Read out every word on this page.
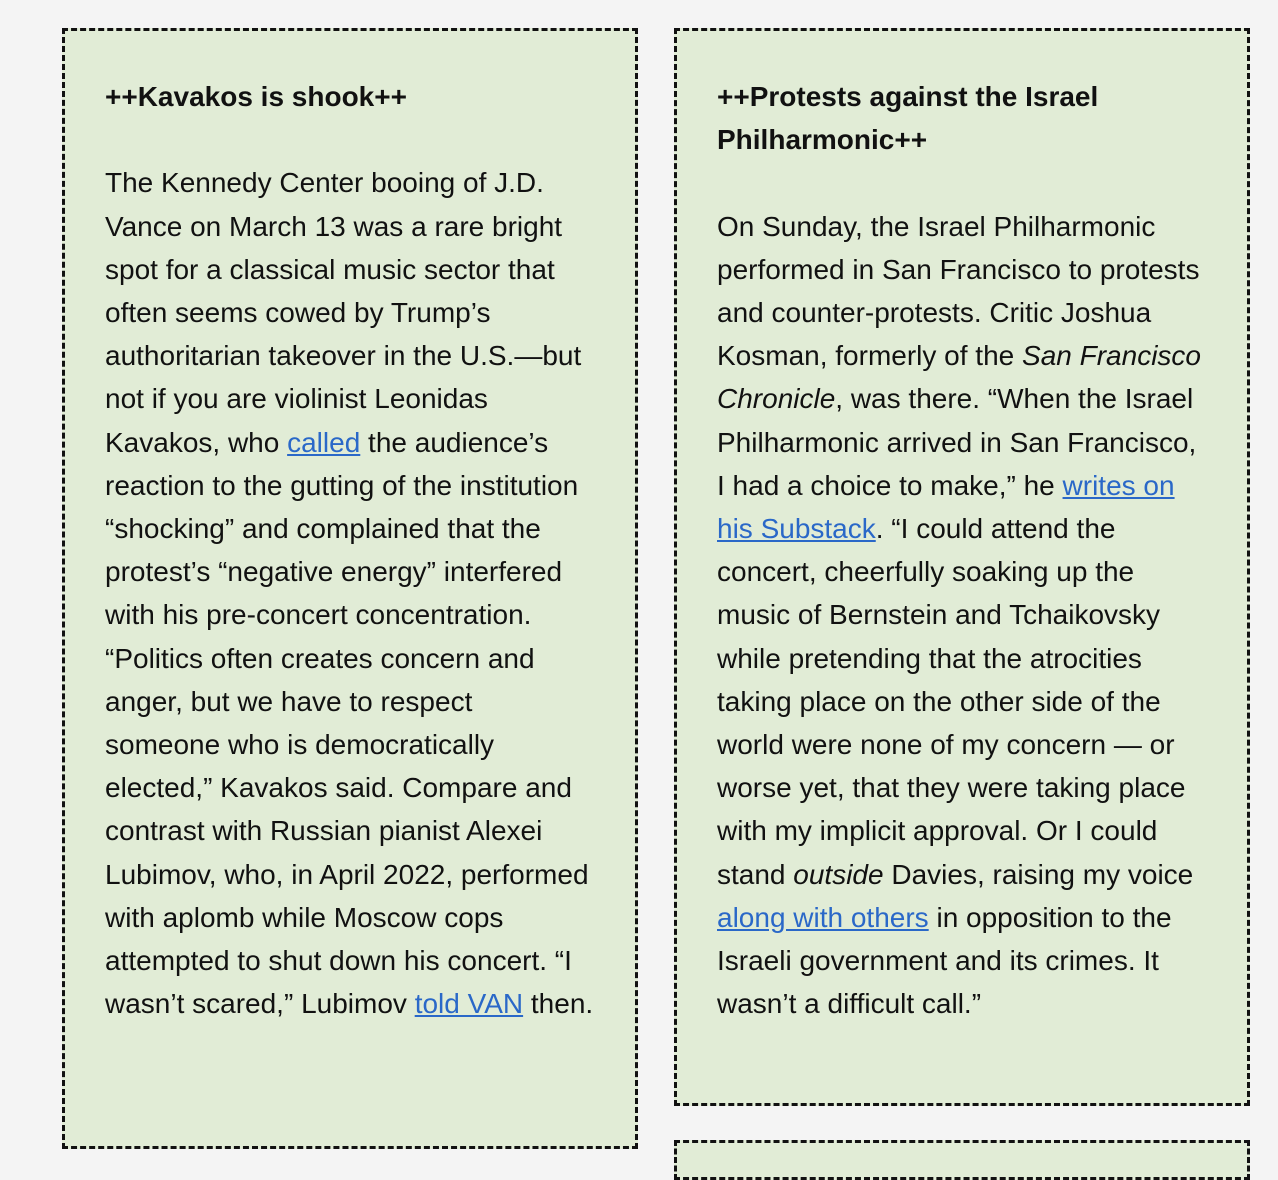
++Kavakos is shook++

The Kennedy Center booing of J.D. Vance on March 13 was a rare bright spot for a classical music sector that often seems cowed by Trump’s authoritarian takeover in the U.S.—but not if you are violinist Leonidas Kavakos, who called the audience’s reaction to the gutting of the institution “shocking” and complained that the protest’s “negative energy” interfered with his pre-concert concentration. “Politics often creates concern and anger, but we have to respect someone who is democratically elected,” Kavakos said. Compare and contrast with Russian pianist Alexei Lubimov, who, in April 2022, performed with aplomb while Moscow cops attempted to shut down his concert. “I wasn’t scared,” Lubimov told VAN then.

++Protests against the Israel Philharmonic++

On Sunday, the Israel Philharmonic performed in San Francisco to protests and counter-protests. Critic Joshua Kosman, formerly of the San Francisco Chronicle, was there. “When the Israel Philharmonic arrived in San Francisco, I had a choice to make,” he writes on his Substack. “I could attend the concert, cheerfully soaking up the music of Bernstein and Tchaikovsky while pretending that the atrocities taking place on the other side of the world were none of my concern — or worse yet, that they were taking place with my implicit approval. Or I could stand outside Davies, raising my voice along with others in opposition to the Israeli government and its crimes. It wasn’t a difficult call.”
